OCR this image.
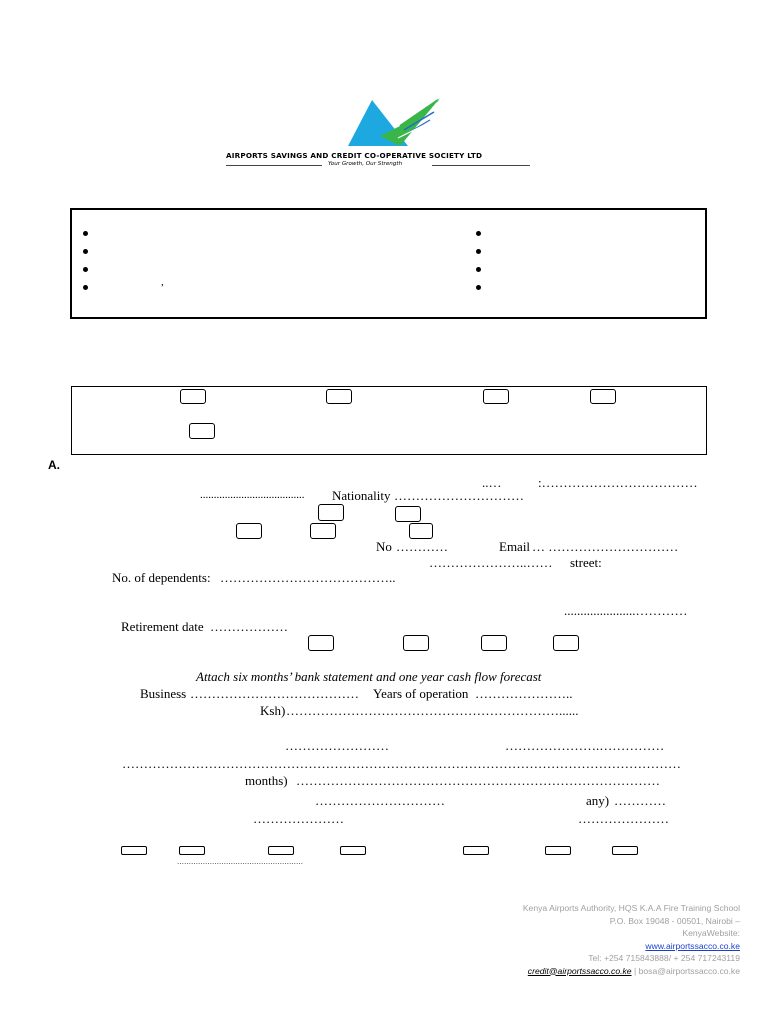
AIRPORTS SAVINGS AND CREDIT CO-OPERATIVE SOCIETY LTD
Your Growth, Our Strength
,
A.
..…	:………………………………
...................................... Nationality …………………………
No …………	Email … …………………………
…………………..…… street:
No. of dependents: …………………………………..
......................…………
Retirement date ………………
Attach six months’ bank statement and one year cash flow forecast
Business ………………………………… Years of operation …………………..
Ksh) ………………………………………………………......
……………………	………………….……………
…………………………………………………………………………………………………………………
months) …………………………………………………………………………
…………………………	any) …………
…………………	…………………
………………………………………………
Kenya Airports Authority, HQS K.A.A Fire Training School
P.O. Box 19048 - 00501, Nairobi –
KenyaWebsite:
www.airportssacco.co.ke
Tel: +254 715843888/ + 254 717243119
credit@airportssacco.co.ke | bosa@airportssacco.co.ke
